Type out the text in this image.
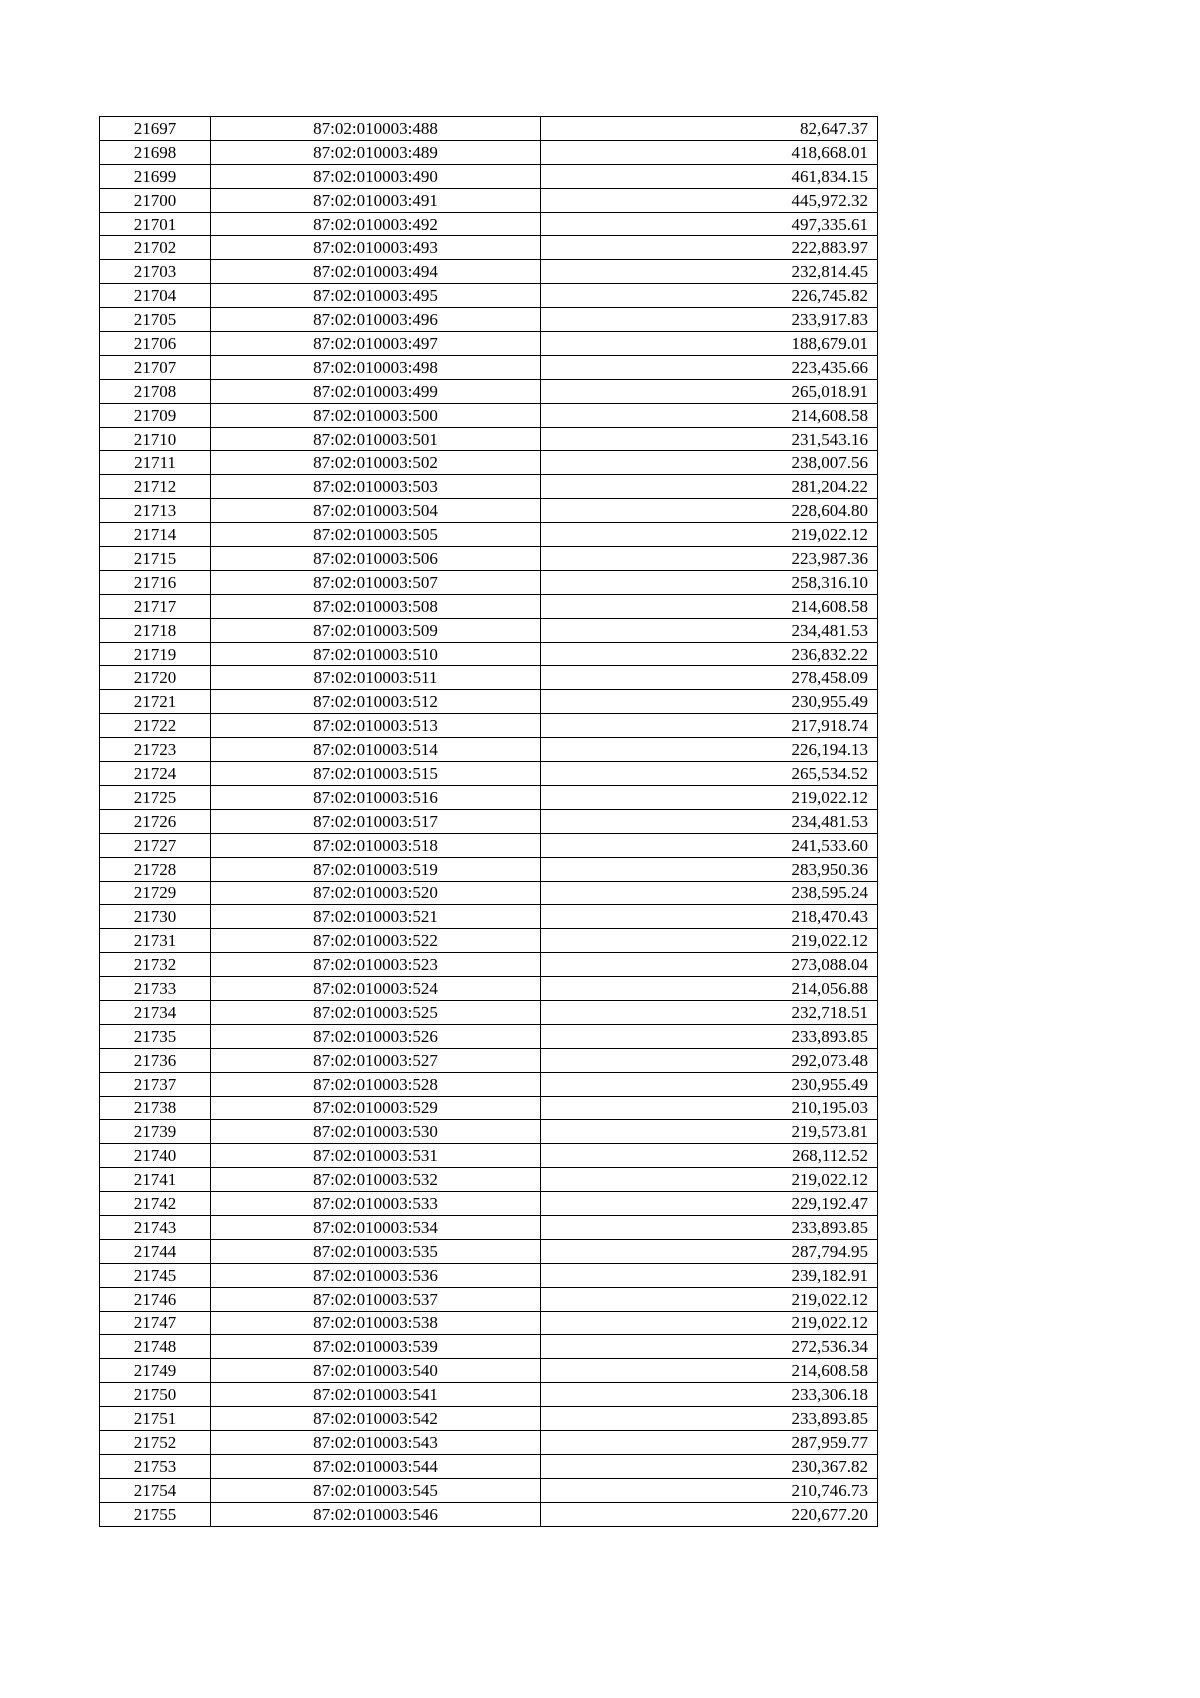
21697	87:02:010003:488	82,647.37
21698	87:02:010003:489	418,668.01
21699	87:02:010003:490	461,834.15
21700	87:02:010003:491	445,972.32
21701	87:02:010003:492	497,335.61
21702	87:02:010003:493	222,883.97
21703	87:02:010003:494	232,814.45
21704	87:02:010003:495	226,745.82
21705	87:02:010003:496	233,917.83
21706	87:02:010003:497	188,679.01
21707	87:02:010003:498	223,435.66
21708	87:02:010003:499	265,018.91
21709	87:02:010003:500	214,608.58
21710	87:02:010003:501	231,543.16
21711	87:02:010003:502	238,007.56
21712	87:02:010003:503	281,204.22
21713	87:02:010003:504	228,604.80
21714	87:02:010003:505	219,022.12
21715	87:02:010003:506	223,987.36
21716	87:02:010003:507	258,316.10
21717	87:02:010003:508	214,608.58
21718	87:02:010003:509	234,481.53
21719	87:02:010003:510	236,832.22
21720	87:02:010003:511	278,458.09
21721	87:02:010003:512	230,955.49
21722	87:02:010003:513	217,918.74
21723	87:02:010003:514	226,194.13
21724	87:02:010003:515	265,534.52
21725	87:02:010003:516	219,022.12
21726	87:02:010003:517	234,481.53
21727	87:02:010003:518	241,533.60
21728	87:02:010003:519	283,950.36
21729	87:02:010003:520	238,595.24
21730	87:02:010003:521	218,470.43
21731	87:02:010003:522	219,022.12
21732	87:02:010003:523	273,088.04
21733	87:02:010003:524	214,056.88
21734	87:02:010003:525	232,718.51
21735	87:02:010003:526	233,893.85
21736	87:02:010003:527	292,073.48
21737	87:02:010003:528	230,955.49
21738	87:02:010003:529	210,195.03
21739	87:02:010003:530	219,573.81
21740	87:02:010003:531	268,112.52
21741	87:02:010003:532	219,022.12
21742	87:02:010003:533	229,192.47
21743	87:02:010003:534	233,893.85
21744	87:02:010003:535	287,794.95
21745	87:02:010003:536	239,182.91
21746	87:02:010003:537	219,022.12
21747	87:02:010003:538	219,022.12
21748	87:02:010003:539	272,536.34
21749	87:02:010003:540	214,608.58
21750	87:02:010003:541	233,306.18
21751	87:02:010003:542	233,893.85
21752	87:02:010003:543	287,959.77
21753	87:02:010003:544	230,367.82
21754	87:02:010003:545	210,746.73
21755	87:02:010003:546	220,677.20
